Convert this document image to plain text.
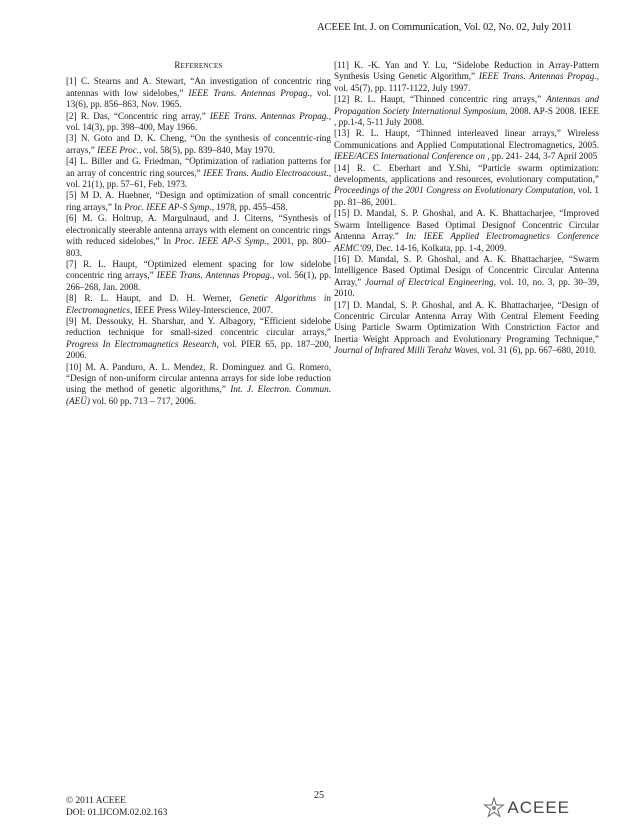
ACEEE Int. J. on Communication, Vol. 02, No. 02, July 2011
REFERENCES

[1] C. Stearns and A. Stewart, “An investigation of concentric ring antennas with low sidelobes,” IEEE Trans. Antennas Propag., vol. 13(6), pp. 856–863, Nov. 1965.

[2] R. Das, “Concentric ring array,” IEEE Trans. Antennas Propag., vol. 14(3), pp. 398–400, May 1966.

[3] N. Goto and D. K. Cheng, “On the synthesis of concentric-ring arrays,” IEEE Proc., vol. 58(5), pp. 839–840, May 1970.

[4] L. Biller and G. Friedman, “Optimization of radiation patterns for an array of concentric ring sources,” IEEE Trans. Audio Electroacoust., vol. 21(1), pp. 57–61, Feb. 1973.

[5] M D. A. Huebner, “Design and optimization of small concentric ring arrays,” In Proc. IEEE AP-S Symp., 1978, pp. 455–458.

[6] M. G. Holtrup, A. Margulnaud, and J. Citerns, “Synthesis of electronically steerable antenna arrays with element on concentric rings with reduced sidelobes,” In Proc. IEEE AP-S Symp., 2001, pp. 800–803.

[7] R. L. Haupt, “Optimized element spacing for low sidelobe concentric ring arrays,” IEEE Trans. Antennas Propag., vol. 56(1), pp. 266–268, Jan. 2008.

[8] R. L. Haupt, and D. H. Werner, Genetic Algorithms in Electromagnetics, IEEE Press Wiley-Interscience, 2007.

[9] M. Dessouky, H. Sharshar, and Y. Albagory, “Efficient sidelobe reduction technique for small-sized concentric circular arrays,” Progress In Electromagnetics Research, vol. PIER 65, pp. 187–200, 2006.

[10] M. A. Panduro, A. L. Mendez, R. Dominguez and G. Romero, “Design of non-uniform circular antenna arrays for side lobe reduction using the method of genetic algorithms,” Int. J. Electron. Commun. (AEÜ) vol. 60 pp. 713 – 717, 2006.

[11] K. -K. Yan and Y. Lu, “Sidelobe Reduction in Array-Pattern Synthesis Using Genetic Algorithm,” IEEE Trans. Antennas Propag., vol. 45(7), pp. 1117-1122, July 1997.

[12] R. L. Haupt, “Thinned concentric ring arrays,” Antennas and Propagation Society International Symposium, 2008. AP-S 2008. IEEE , pp.1-4, 5-11 July 2008.

[13] R. L. Haupt, “Thinned interleaved linear arrays,” Wireless Communications and Applied Computational Electromagnetics, 2005. IEEE/ACES International Conference on , pp. 241- 244, 3-7 April 2005

[14] R. C. Eberhart and Y.Shi, “Particle swarm optimization: developments, applications and resources, evolutionary computation,” Proceedings of the 2001 Congress on Evolutionary Computation, vol. 1 pp. 81–86, 2001.

[15] D. Mandal, S. P. Ghoshal, and A. K. Bhattacharjee, “Improved Swarm Intelligence Based Optimal Designof Concentric Circular Antenna Array.” In: IEEE Applied Electromagnetics Conference AEMC’09, Dec. 14-16, Kolkata, pp. 1-4, 2009.

[16] D. Mandal, S. P. Ghoshal, and A. K. Bhattacharjee, “Swarm Intelligence Based Optimal Design of Concentric Circular Antenna Array,” Journal of Electrical Engineering, vol. 10, no. 3, pp. 30–39, 2010.

[17] D. Mandal, S. P. Ghoshal, and A. K. Bhattacharjee, “Design of Concentric Circular Antenna Array With Central Element Feeding Using Particle Swarm Optimization With Constriction Factor and Inertia Weight Approach and Evolutionary Programing Technique,” Journal of Infrared Milli Terahz Waves, vol. 31 (6), pp. 667–680, 2010.

25
© 2011 ACEEE
DOI: 01.IJCOM.02.02.163	ACEEE
